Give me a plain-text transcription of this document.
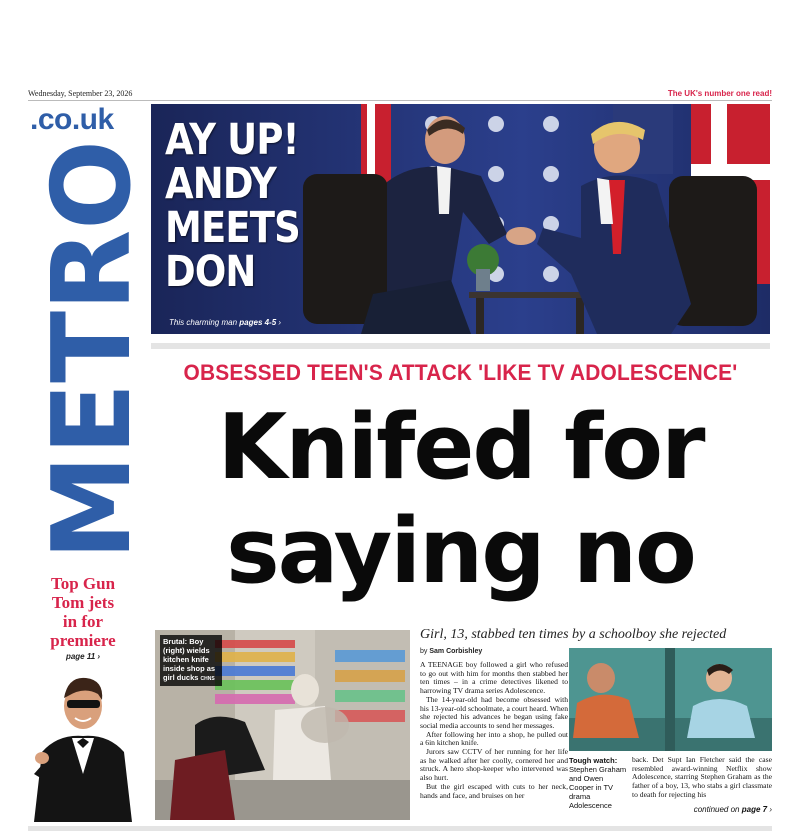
Wednesday, September 23, 2026	The UK's number one read!
.co.uk
METRO AY UP!
ANDY
MEETS
DON
This charming man pages 4-5 ›
OBSESSED TEEN'S ATTACK 'LIKE TV ADOLESCENCE'
Knifed for
saying no
Top Gun
Tom jets
in for
premiere
page 11 ›
Brutal: Boy (right) wields kitchen knife inside shop as girl ducks CHNS
Girl, 13, stabbed ten times by a schoolboy she rejected
by Sam Corbishley

A TEENAGE boy followed a girl who refused to go out with him for months then stabbed her ten times – in a crime detectives likened to harrowing TV drama series Adolescence.

The 14-year-old had become obsessed with his 13-year-old schoolmate, a court heard. When she rejected his advances he began using fake social media accounts to send her messages.

After following her into a shop, he pulled out a 6in kitchen knife.

Jurors saw CCTV of her running for her life as he walked after her coolly, cornered her and struck. A hero shop-keeper who intervened was also hurt.

But the girl escaped with cuts to her neck, hands and face, and bruises on her

Tough watch: Stephen Graham and Owen Cooper in TV drama Adolescence
back. Det Supt Ian Fletcher said the case resembled award-winning Netflix show Adolescence, starring Stephen Graham as the father of a boy, 13, who stabs a girl classmate to death for rejecting his
continued on page 7 ›
